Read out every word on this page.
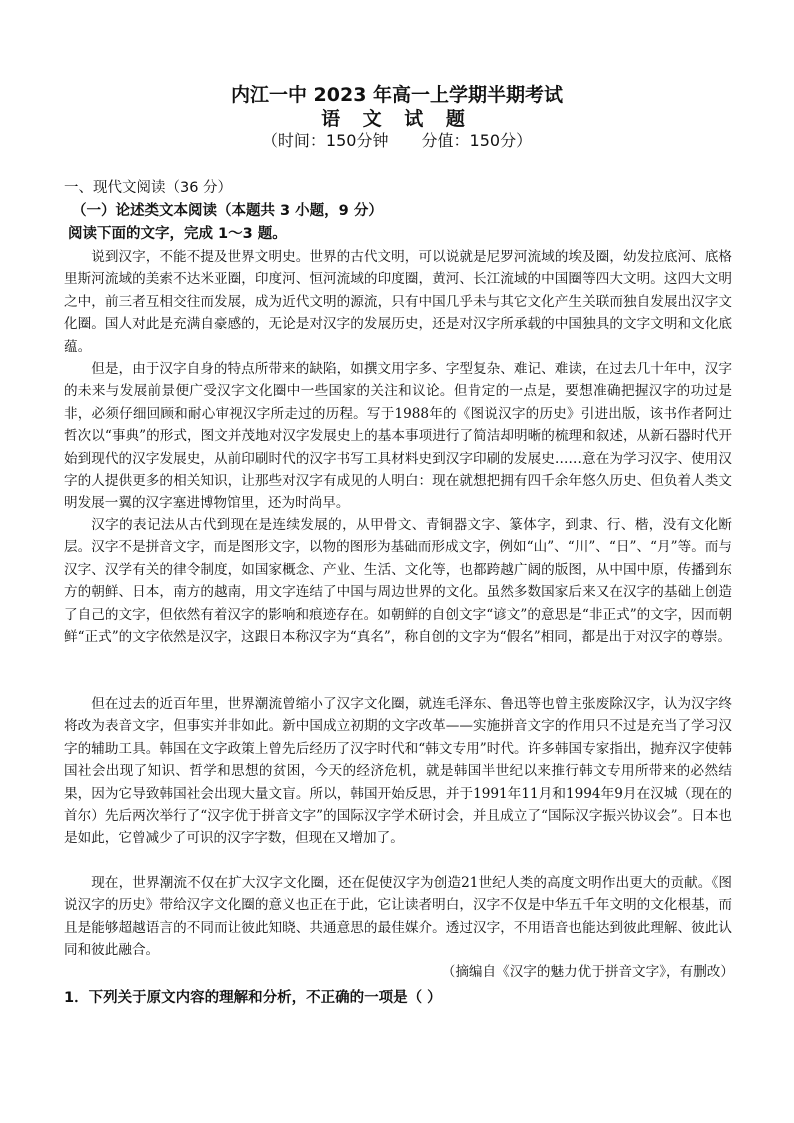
内江一中 2023 年高一上学期半期考试
语 文 试 题
（时间：150分钟 分值：150分）
一、现代文阅读（36 分）
（一）论述类文本阅读（本题共 3 小题，9 分）
阅读下面的文字，完成 1～3 题。

说到汉字，不能不提及世界文明史。世界的古代文明，可以说就是尼罗河流域的埃及圈，幼发拉底河、底格里斯河流域的美索不达米亚圈，印度河、恒河流域的印度圈，黄河、长江流域的中国圈等四大文明。这四大文明之中，前三者互相交往而发展，成为近代文明的源流，只有中国几乎未与其它文化产生关联而独自发展出汉字文化圈。国人对此是充满自豪感的，无论是对汉字的发展历史，还是对汉字所承载的中国独具的文字文明和文化底蕴。

但是，由于汉字自身的特点所带来的缺陷，如撰文用字多、字型复杂、难记、难读，在过去几十年中，汉字的未来与发展前景便广受汉字文化圈中一些国家的关注和议论。但肯定的一点是，要想准确把握汉字的功过是非，必须仔细回顾和耐心审视汉字所走过的历程。写于1988年的《图说汉字的历史》引进出版，该书作者阿辻哲次以“事典”的形式，图文并茂地对汉字发展史上的基本事项进行了简洁却明晰的梳理和叙述，从新石器时代开始到现代的汉字发展史，从前印刷时代的汉字书写工具材料史到汉字印刷的发展史……意在为学习汉字、使用汉字的人提供更多的相关知识，让那些对汉字有成见的人明白：现在就想把拥有四千余年悠久历史、但负着人类文明发展一翼的汉字塞进博物馆里，还为时尚早。

汉字的表记法从古代到现在是连续发展的，从甲骨文、青铜器文字、篆体字，到隶、行、楷，没有文化断层。汉字不是拼音文字，而是图形文字，以物的图形为基础而形成文字，例如“山”、“川”、“日”、“月”等。而与汉字、汉学有关的律令制度，如国家概念、产业、生活、文化等，也都跨越广阔的版图，从中国中原，传播到东方的朝鲜、日本，南方的越南，用文字连结了中国与周边世界的文化。虽然多数国家后来又在汉字的基础上创造了自己的文字，但依然有着汉字的影响和痕迹存在。如朝鲜的自创文字“谚文”的意思是“非正式”的文字，因而朝鲜“正式”的文字依然是汉字，这跟日本称汉字为“真名”，称自创的文字为“假名”相同，都是出于对汉字的尊崇。

但在过去的近百年里，世界潮流曾缩小了汉字文化圈，就连毛泽东、鲁迅等也曾主张废除汉字，认为汉字终将改为表音文字，但事实并非如此。新中国成立初期的文字改革——实施拼音文字的作用只不过是充当了学习汉字的辅助工具。韩国在文字政策上曾先后经历了汉字时代和“韩文专用”时代。许多韩国专家指出，抛弃汉字使韩国社会出现了知识、哲学和思想的贫困，今天的经济危机，就是韩国半世纪以来推行韩文专用所带来的必然结果，因为它导致韩国社会出现大量文盲。所以，韩国开始反思，并于1991年11月和1994年9月在汉城（现在的首尔）先后两次举行了“汉字优于拼音文字”的国际汉字学术研讨会，并且成立了“国际汉字振兴协议会”。日本也是如此，它曾减少了可识的汉字字数，但现在又增加了。

现在，世界潮流不仅在扩大汉字文化圈，还在促使汉字为创造21世纪人类的高度文明作出更大的贡献。《图说汉字的历史》带给汉字文化圈的意义也正在于此，它让读者明白，汉字不仅是中华五千年文明的文化根基，而且是能够超越语言的不同而让彼此知晓、共通意思的最佳媒介。透过汉字，不用语音也能达到彼此理解、彼此认同和彼此融合。

（摘编自《汉字的魅力优于拼音文字》，有删改）
1．下列关于原文内容的理解和分析，不正确的一项是（ ）
